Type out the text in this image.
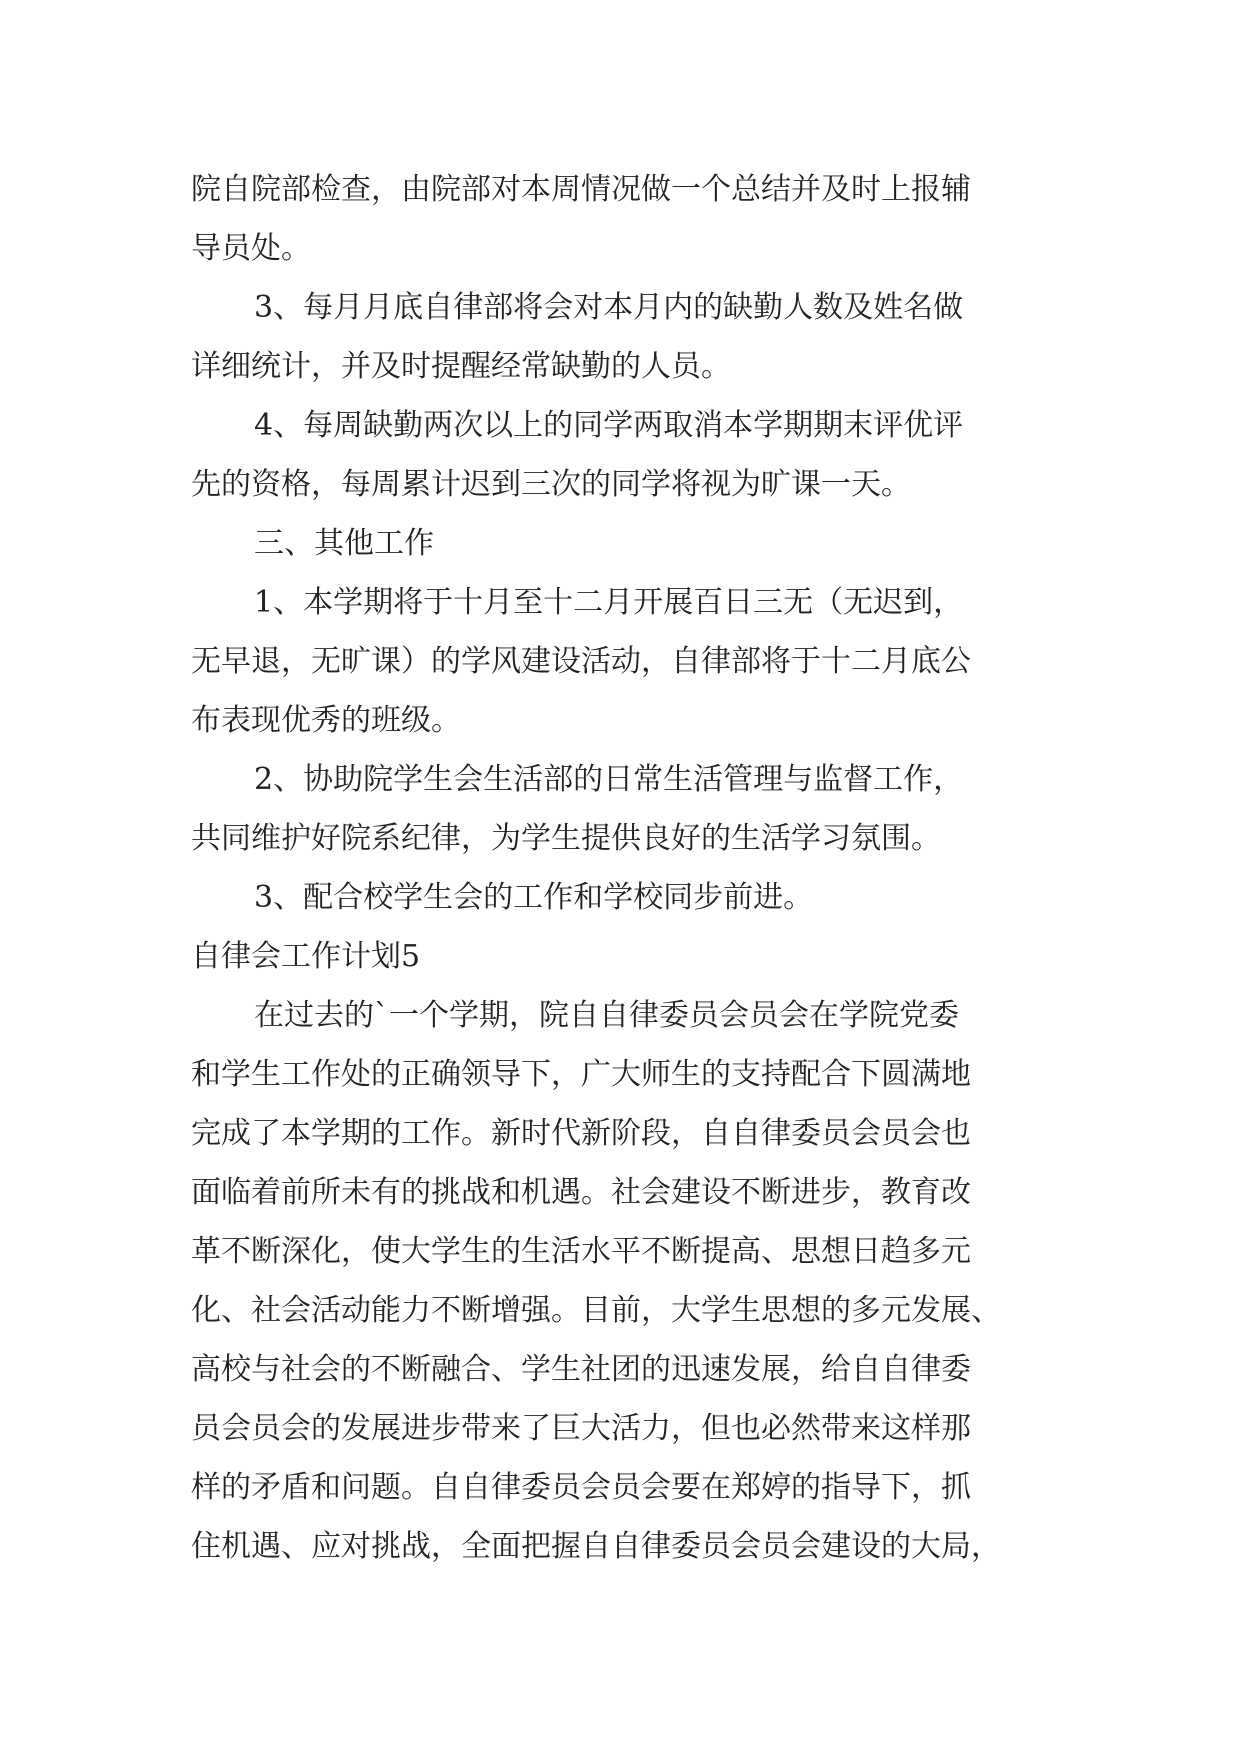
院自院部检查，由院部对本周情况做一个总结并及时上报辅
导员处。
3、每月月底自律部将会对本月内的缺勤人数及姓名做
详细统计，并及时提醒经常缺勤的人员。
4、每周缺勤两次以上的同学两取消本学期期末评优评
先的资格，每周累计迟到三次的同学将视为旷课一天。
三、其他工作
1、本学期将于十月至十二月开展百日三无（无迟到，
无早退，无旷课）的学风建设活动，自律部将于十二月底公
布表现优秀的班级。
2、协助院学生会生活部的日常生活管理与监督工作，
共同维护好院系纪律，为学生提供良好的生活学习氛围。
3、配合校学生会的工作和学校同步前进。
自律会工作计划5
在过去的`一个学期，院自自律委员会员会在学院党委
和学生工作处的正确领导下，广大师生的支持配合下圆满地
完成了本学期的工作。新时代新阶段，自自律委员会员会也
面临着前所未有的挑战和机遇。社会建设不断进步，教育改
革不断深化，使大学生的生活水平不断提高、思想日趋多元
化、社会活动能力不断增强。目前，大学生思想的多元发展、
高校与社会的不断融合、学生社团的迅速发展，给自自律委
员会员会的发展进步带来了巨大活力，但也必然带来这样那
样的矛盾和问题。自自律委员会员会要在郑婷的指导下，抓
住机遇、应对挑战，全面把握自自律委员会员会建设的大局，
